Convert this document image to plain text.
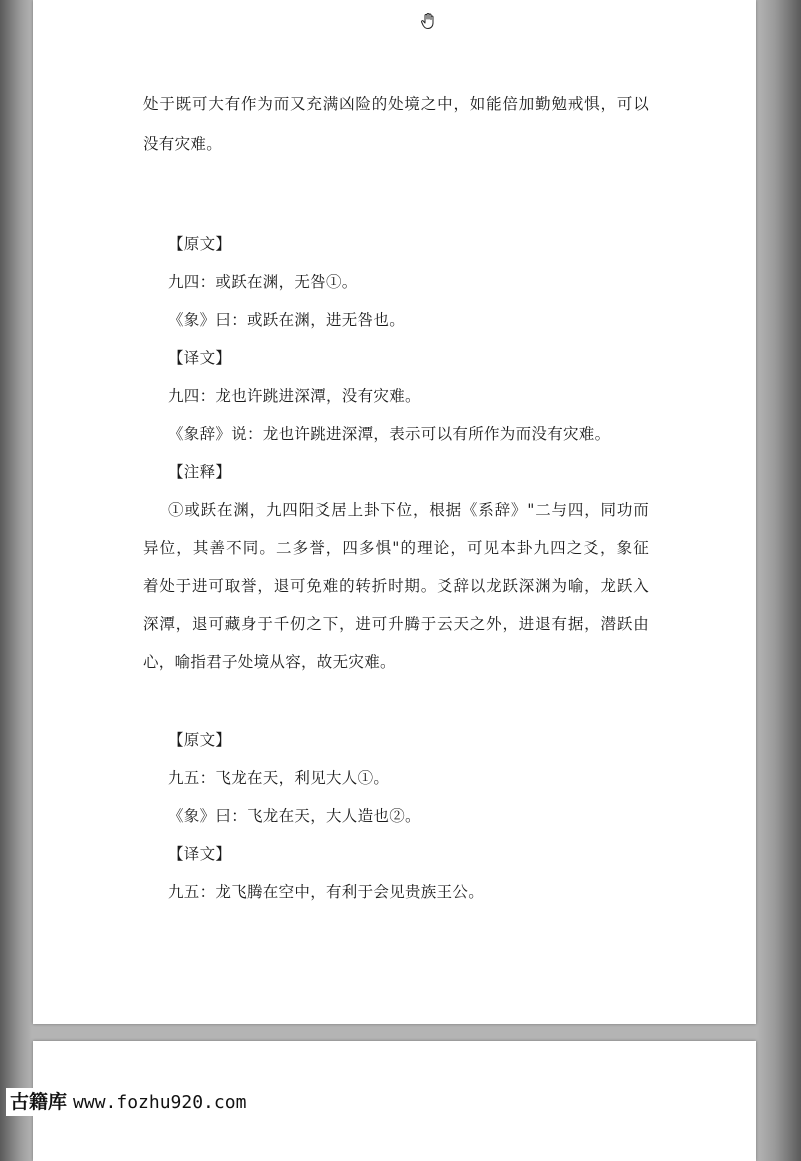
处于既可大有作为而又充满凶险的处境之中，如能倍加勤勉戒惧，可以
没有灾难。
【原文】
九四：或跃在渊，无咎①。
《象》曰：或跃在渊，进无咎也。
【译文】
九四：龙也许跳进深潭，没有灾难。
《象辞》说：龙也许跳进深潭，表示可以有所作为而没有灾难。
【注释】
①或跃在渊，九四阳爻居上卦下位，根据《系辞》"二与四，同功而
异位，其善不同。二多誉，四多惧"的理论，可见本卦九四之爻，象征
着处于进可取誉，退可免难的转折时期。爻辞以龙跃深渊为喻，龙跃入
深潭，退可藏身于千仞之下，进可升腾于云天之外，进退有据，潜跃由
心，喻指君子处境从容，故无灾难。
【原文】
九五：飞龙在天，利见大人①。
《象》曰：飞龙在天，大人造也②。
【译文】
九五：龙飞腾在空中，有利于会见贵族王公。
古籍库 www.fozhu920.com
